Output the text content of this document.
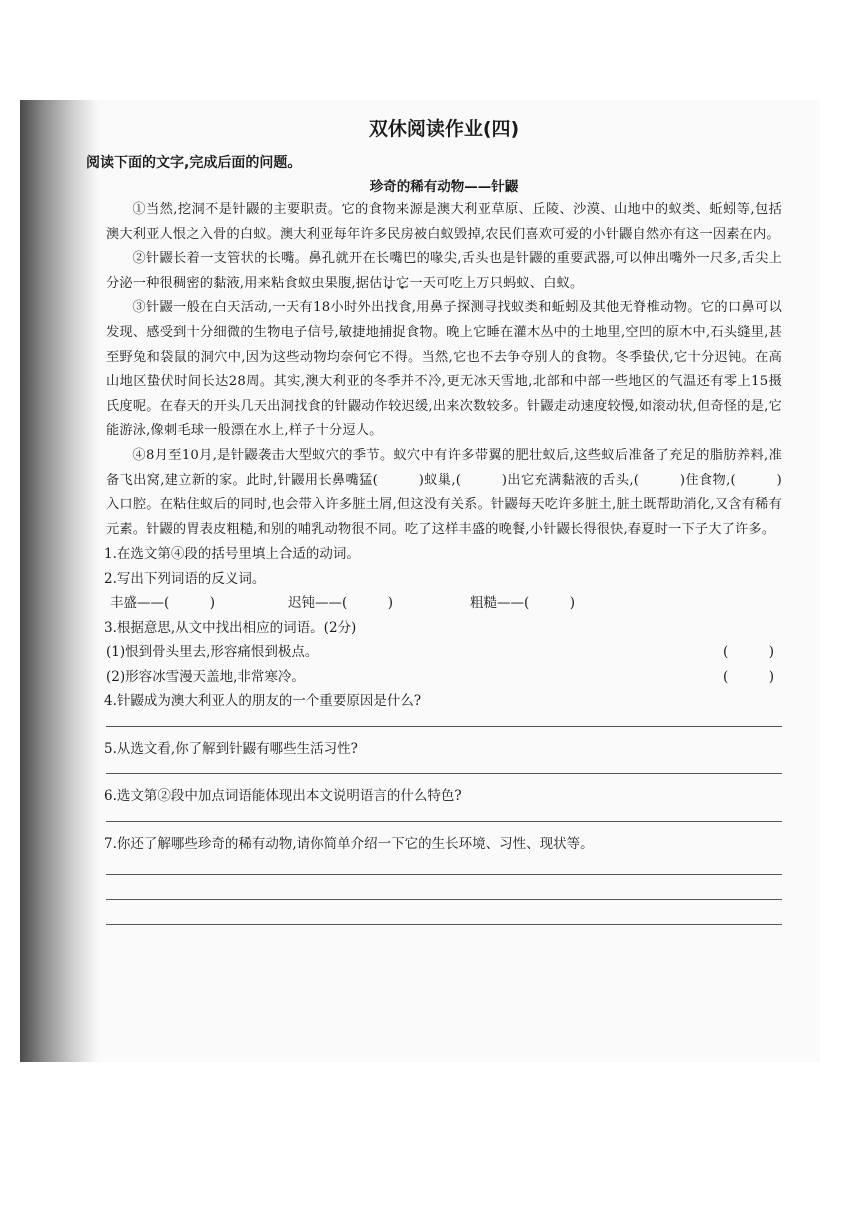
双休阅读作业(四)
阅读下面的文字,完成后面的问题。
珍奇的稀有动物——针鼹

①当然,挖洞不是针鼹的主要职责。它的食物来源是澳大利亚草原、丘陵、沙漠、山地中的蚁类、蚯蚓等,包括澳大利亚人恨之入骨的白蚁。澳大利亚每年许多民房被白蚁毁掉,农民们喜欢可爱的小针鼹自然亦有这一因素在内。

②针鼹长着一支管状的长嘴。鼻孔就开在长嘴巴的喙尖,舌头也是针鼹的重要武器,可以伸出嘴外一尺多,舌尖上分泌一种很稠密的黏液,用来粘食蚁虫果腹,据估计它一天可吃上万只蚂蚁、白蚁。

③针鼹一般在白天活动,一天有18小时外出找食,用鼻子探测寻找蚁类和蚯蚓及其他无脊椎动物。它的口鼻可以发现、感受到十分细微的生物电子信号,敏捷地捕捉食物。晚上它睡在灌木丛中的土地里,空凹的原木中,石头缝里,甚至野兔和袋鼠的洞穴中,因为这些动物均奈何它不得。当然,它也不去争夺别人的食物。冬季蛰伏,它十分迟钝。在高山地区蛰伏时间长达28周。其实,澳大利亚的冬季并不冷,更无冰天雪地,北部和中部一些地区的气温还有零上15摄氏度呢。在春天的开头几天出洞找食的针鼹动作较迟缓,出来次数较多。针鼹走动速度较慢,如滚动状,但奇怪的是,它能游泳,像刺毛球一般漂在水上,样子十分逗人。

④8月至10月,是针鼹袭击大型蚁穴的季节。蚁穴中有许多带翼的肥壮蚁后,这些蚁后准备了充足的脂肪养料,准备飞出窝,建立新的家。此时,针鼹用长鼻嘴猛(　　　)蚁巢,(　　　)出它充满黏液的舌头,(　　　)住食物,(　　　)入口腔。在粘住蚁后的同时,也会带入许多脏土屑,但这没有关系。针鼹每天吃许多脏土,脏土既帮助消化,又含有稀有元素。针鼹的胃表皮粗糙,和别的哺乳动物很不同。吃了这样丰盛的晚餐,小针鼹长得很快,春夏时一下子大了许多。

1.在选文第④段的括号里填上合适的动词。
2.写出下列词语的反义词。
丰盛——(　　　)	迟钝——(　　　)	粗糙——(　　　)
3.根据意思,从文中找出相应的词语。(2分)
(1)恨到骨头里去,形容痛恨到极点。	(　　　)
(2)形容冰雪漫天盖地,非常寒冷。	(　　　)
4.针鼹成为澳大利亚人的朋友的一个重要原因是什么?
5.从选文看,你了解到针鼹有哪些生活习性?
6.选文第②段中加点词语能体现出本文说明语言的什么特色?
7.你还了解哪些珍奇的稀有动物,请你简单介绍一下它的生长环境、习性、现状等。
